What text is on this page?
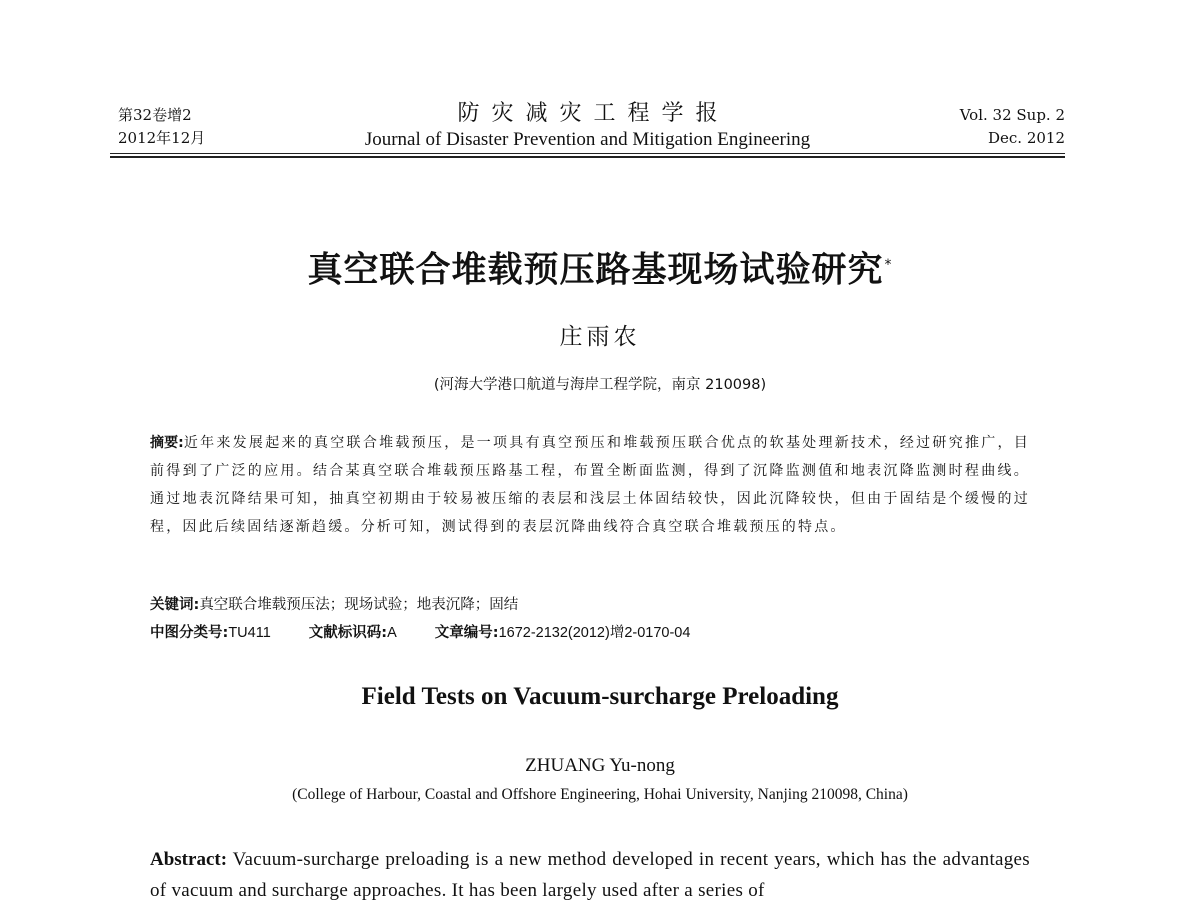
第32卷增2
2012年12月
防灾减灾工程学报
Journal of Disaster Prevention and Mitigation Engineering
Vol. 32 Sup. 2
Dec. 2012
真空联合堆载预压路基现场试验研究*
庄雨农
(河海大学港口航道与海岸工程学院，南京 210098)
摘要:近年来发展起来的真空联合堆载预压，是一项具有真空预压和堆载预压联合优点的软基处理新技术，经过研究推广，目前得到了广泛的应用。结合某真空联合堆载预压路基工程，布置全断面监测，得到了沉降监测值和地表沉降监测时程曲线。通过地表沉降结果可知，抽真空初期由于较易被压缩的表层和浅层土体固结较快，因此沉降较快，但由于固结是个缓慢的过程，因此后续固结逐渐趋缓。分析可知，测试得到的表层沉降曲线符合真空联合堆载预压的特点。
关键词:真空联合堆载预压法；现场试验；地表沉降；固结
中图分类号:TU411	文献标识码:A	文章编号:1672-2132(2012)增2-0170-04
Field Tests on Vacuum-surcharge Preloading
ZHUANG Yu-nong
(College of Harbour, Coastal and Offshore Engineering, Hohai University, Nanjing 210098, China)
Abstract: Vacuum-surcharge preloading is a new method developed in recent years, which has the advantages of vacuum and surcharge approaches. It has been largely used after a series of
